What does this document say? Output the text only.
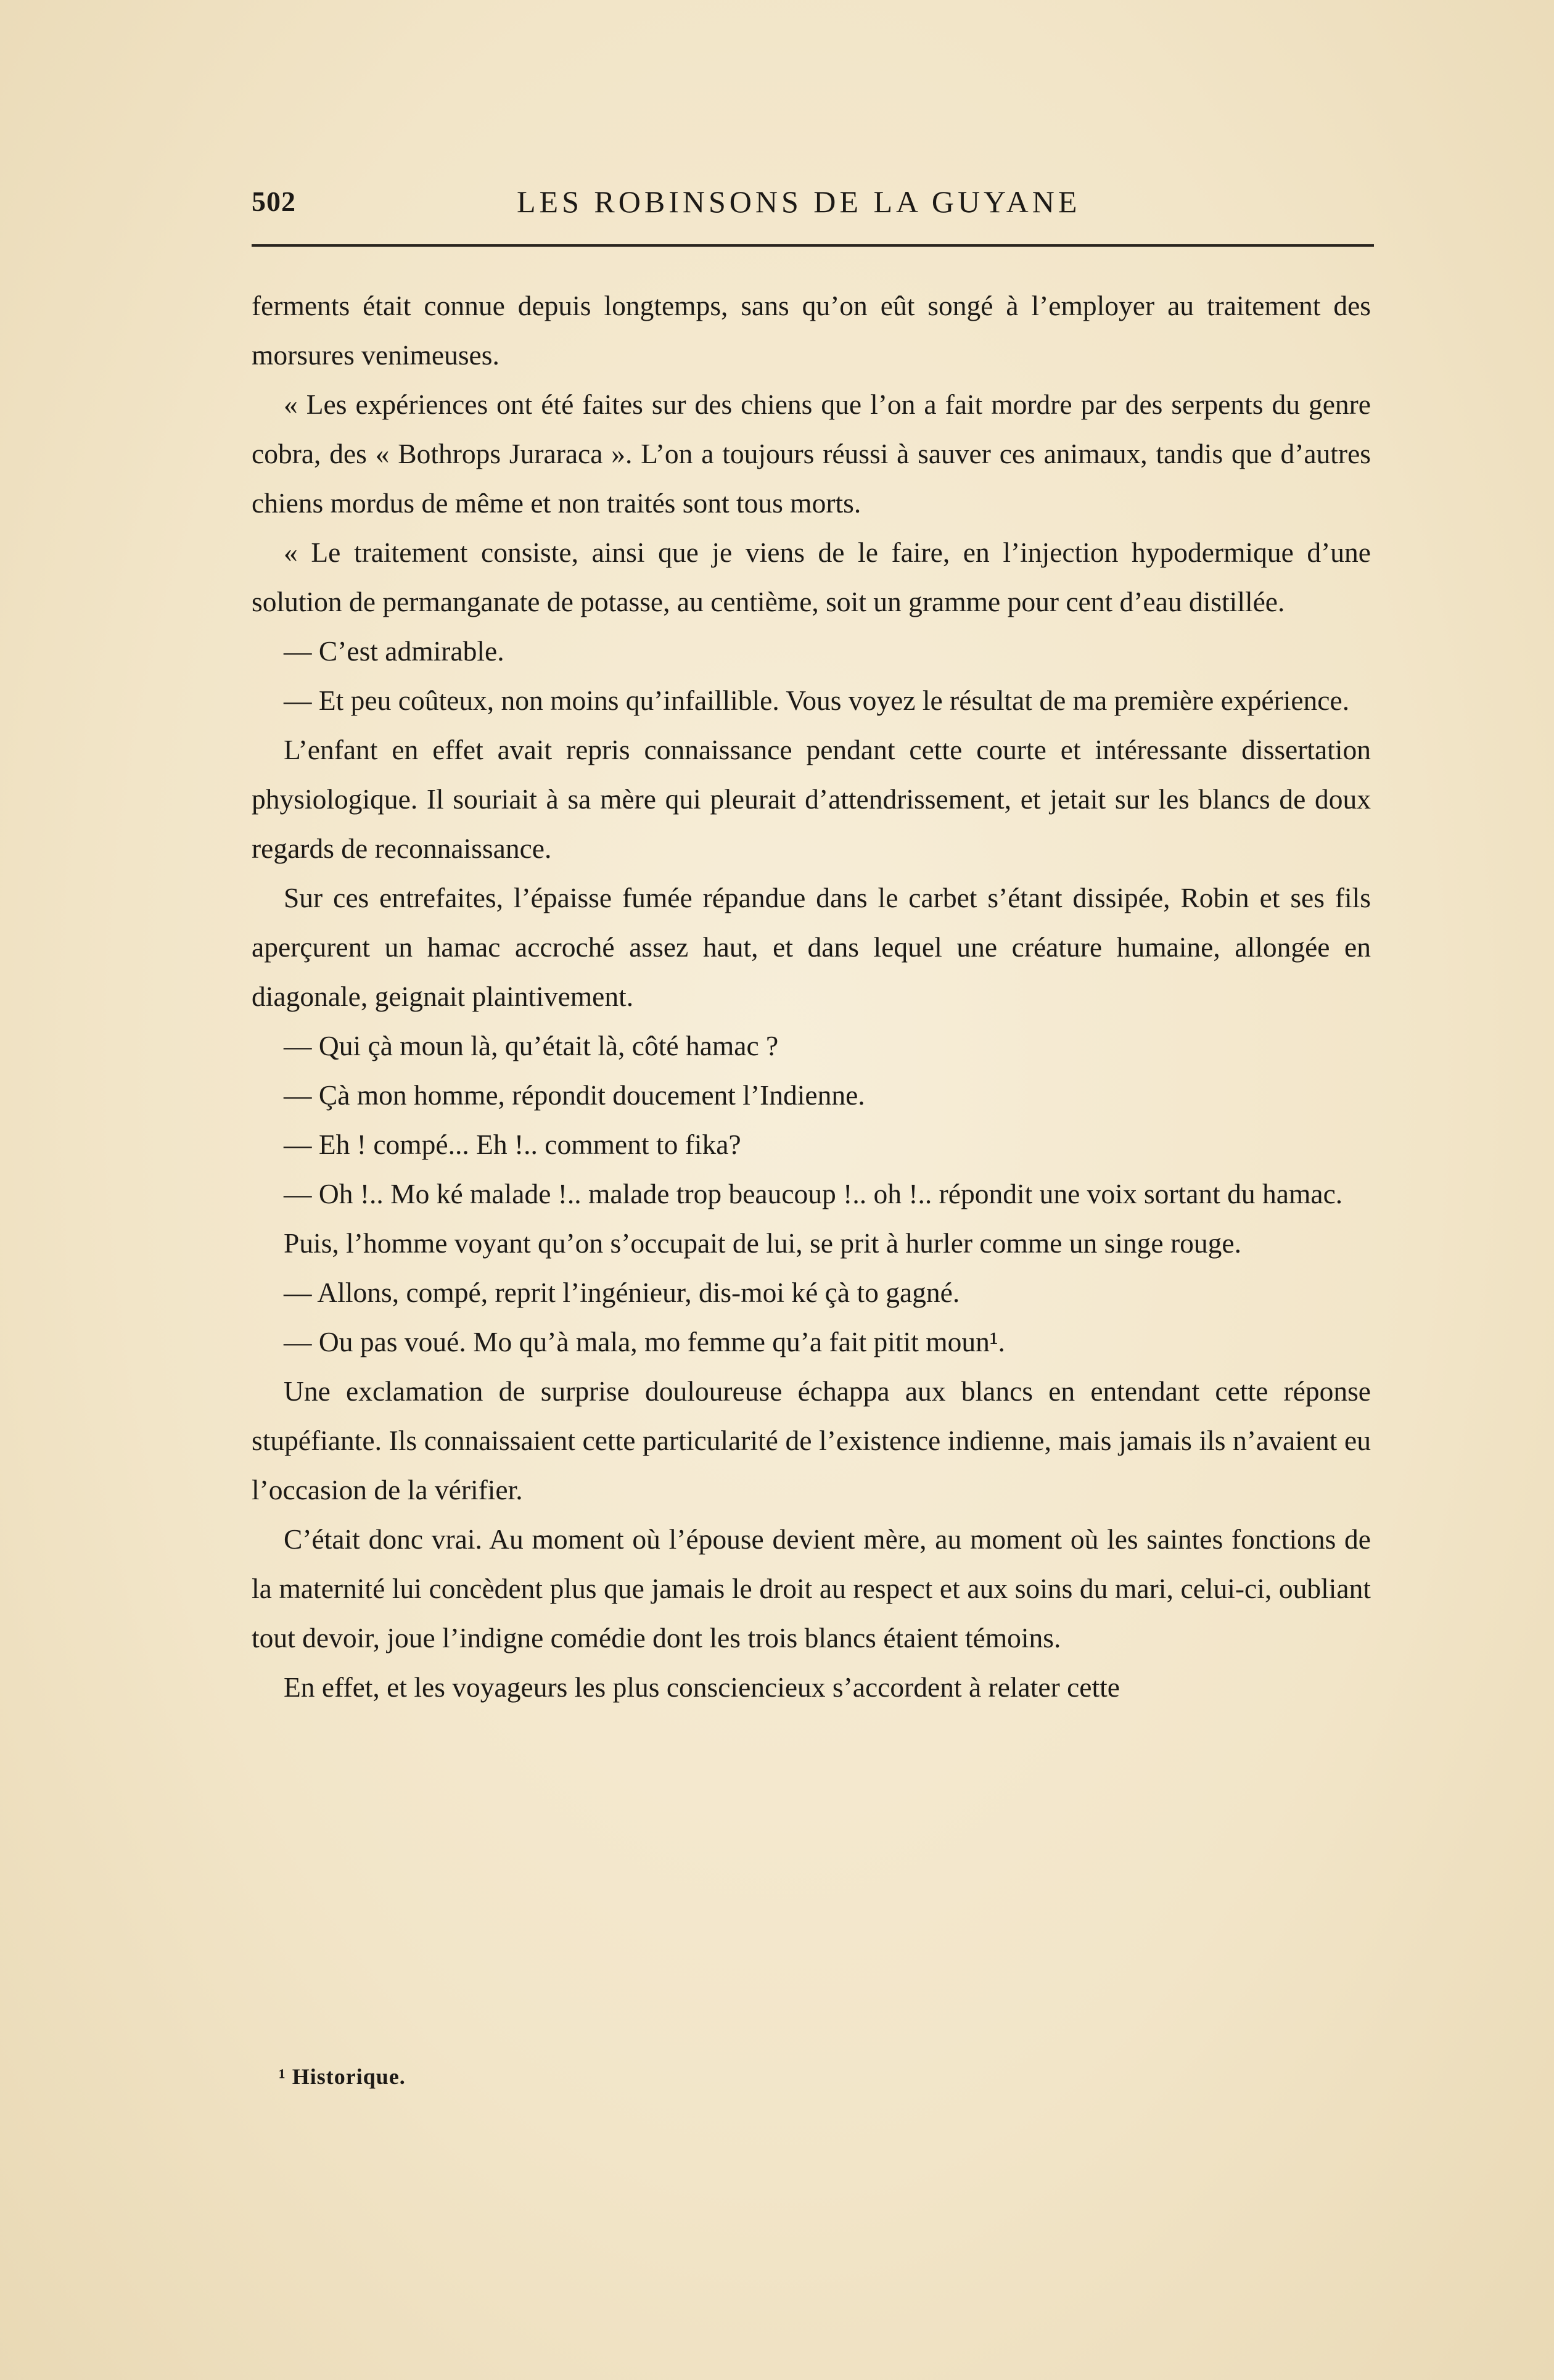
502	LES ROBINSONS DE LA GUYANE

ferments était connue depuis longtemps, sans qu’on eût songé à l’employer au traitement des morsures venimeuses.

« Les expériences ont été faites sur des chiens que l’on a fait mordre par des serpents du genre cobra, des « Bothrops Juraraca ». L’on a toujours réussi à sauver ces animaux, tandis que d’autres chiens mordus de même et non traités sont tous morts.

« Le traitement consiste, ainsi que je viens de le faire, en l’injection hypodermique d’une solution de permanganate de potasse, au centième, soit un gramme pour cent d’eau distillée.

— C’est admirable.

— Et peu coûteux, non moins qu’infaillible. Vous voyez le résultat de ma première expérience.

L’enfant en effet avait repris connaissance pendant cette courte et intéressante dissertation physiologique. Il souriait à sa mère qui pleurait d’attendrissement, et jetait sur les blancs de doux regards de reconnaissance.

Sur ces entrefaites, l’épaisse fumée répandue dans le carbet s’étant dissipée, Robin et ses fils aperçurent un hamac accroché assez haut, et dans lequel une créature humaine, allongée en diagonale, geignait plaintivement.

— Qui çà moun là, qu’était là, côté hamac ?

— Çà mon homme, répondit doucement l’Indienne.

— Eh ! compé... Eh !.. comment to fika?

— Oh !.. Mo ké malade !.. malade trop beaucoup !.. oh !.. répondit une voix sortant du hamac.

Puis, l’homme voyant qu’on s’occupait de lui, se prit à hurler comme un singe rouge.

— Allons, compé, reprit l’ingénieur, dis-moi ké çà to gagné.

— Ou pas voué. Mo qu’à mala, mo femme qu’a fait pitit moun¹.

Une exclamation de surprise douloureuse échappa aux blancs en entendant cette réponse stupéfiante. Ils connaissaient cette particularité de l’existence indienne, mais jamais ils n’avaient eu l’occasion de la vérifier.

C’était donc vrai. Au moment où l’épouse devient mère, au moment où les saintes fonctions de la maternité lui concèdent plus que jamais le droit au respect et aux soins du mari, celui-ci, oubliant tout devoir, joue l’indigne comédie dont les trois blancs étaient témoins.

En effet, et les voyageurs les plus consciencieux s’accordent à relater cette

¹ Historique.
